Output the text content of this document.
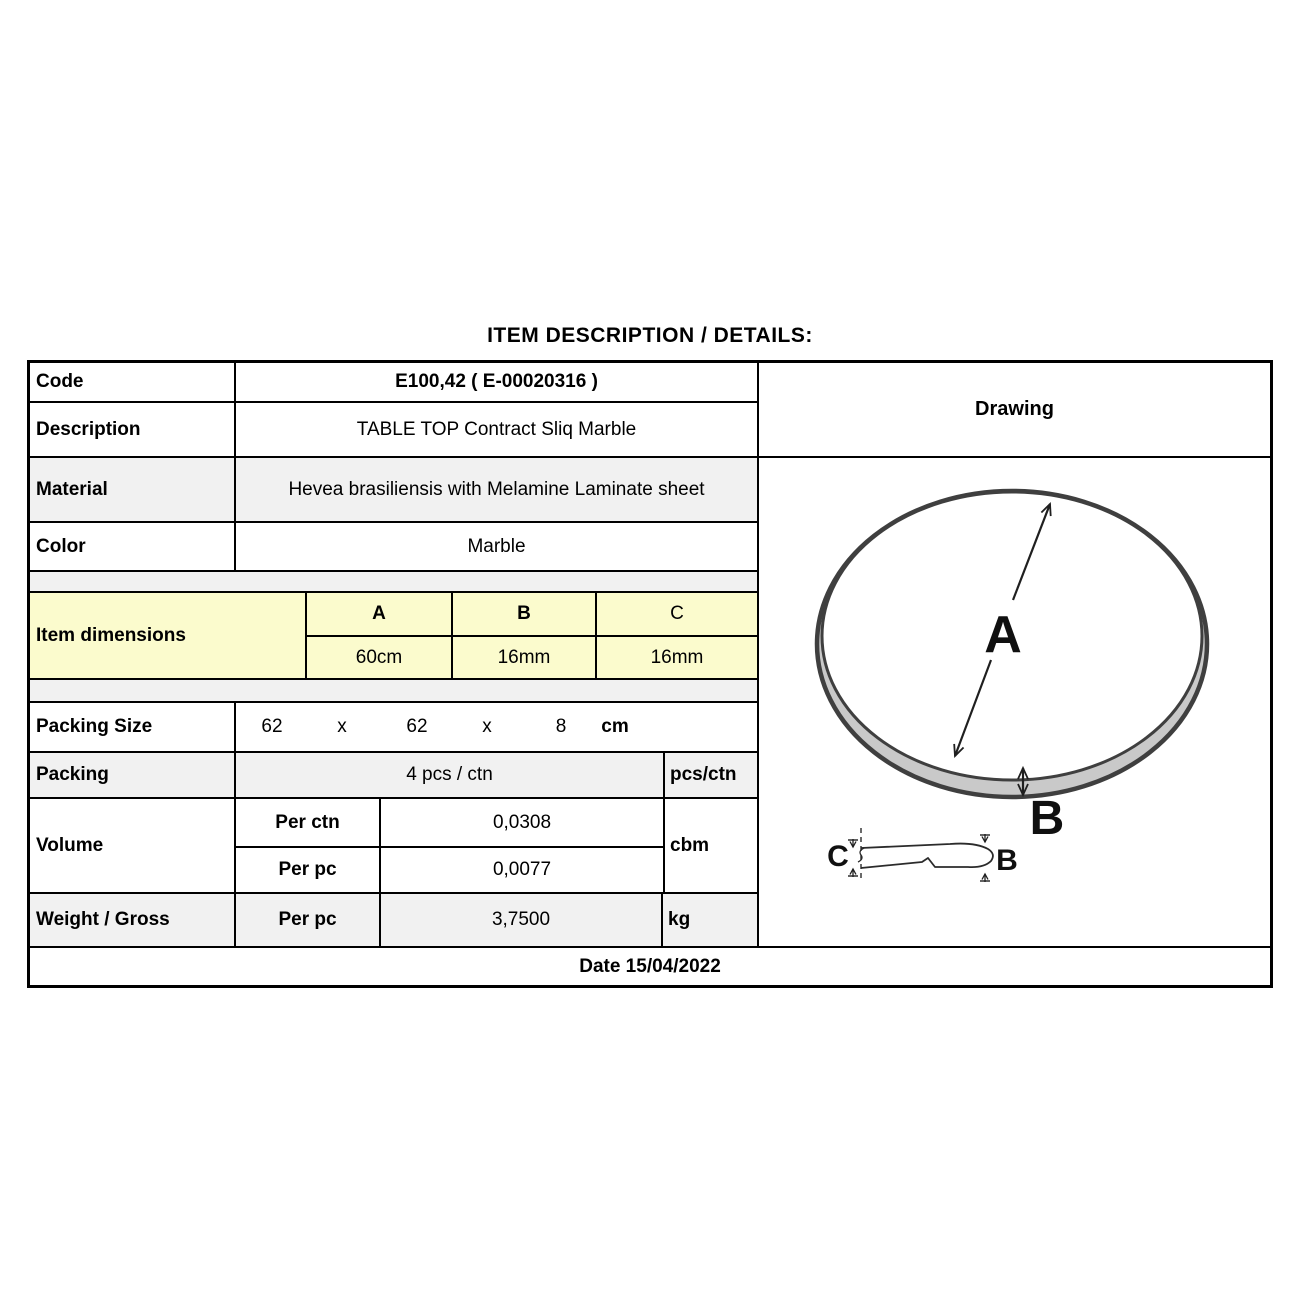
ITEM DESCRIPTION / DETAILS:
Code	E100,42 ( E-00020316 )
Description	TABLE TOP Contract Sliq Marble
Material	Hevea brasiliensis with Melamine Laminate sheet
Color	Marble
Item dimensions
A	B	C
60cm	16mm	16mm
Packing Size	62	x	62	x	8 cm
Packing	4 pcs / ctn	pcs/ctn
Volume
Per ctn	0,0308
Per pc	0,0077
cbm
Weight / Gross	Per pc	3,7500	kg
Drawing
A
B
C	B
Date 15/04/2022
